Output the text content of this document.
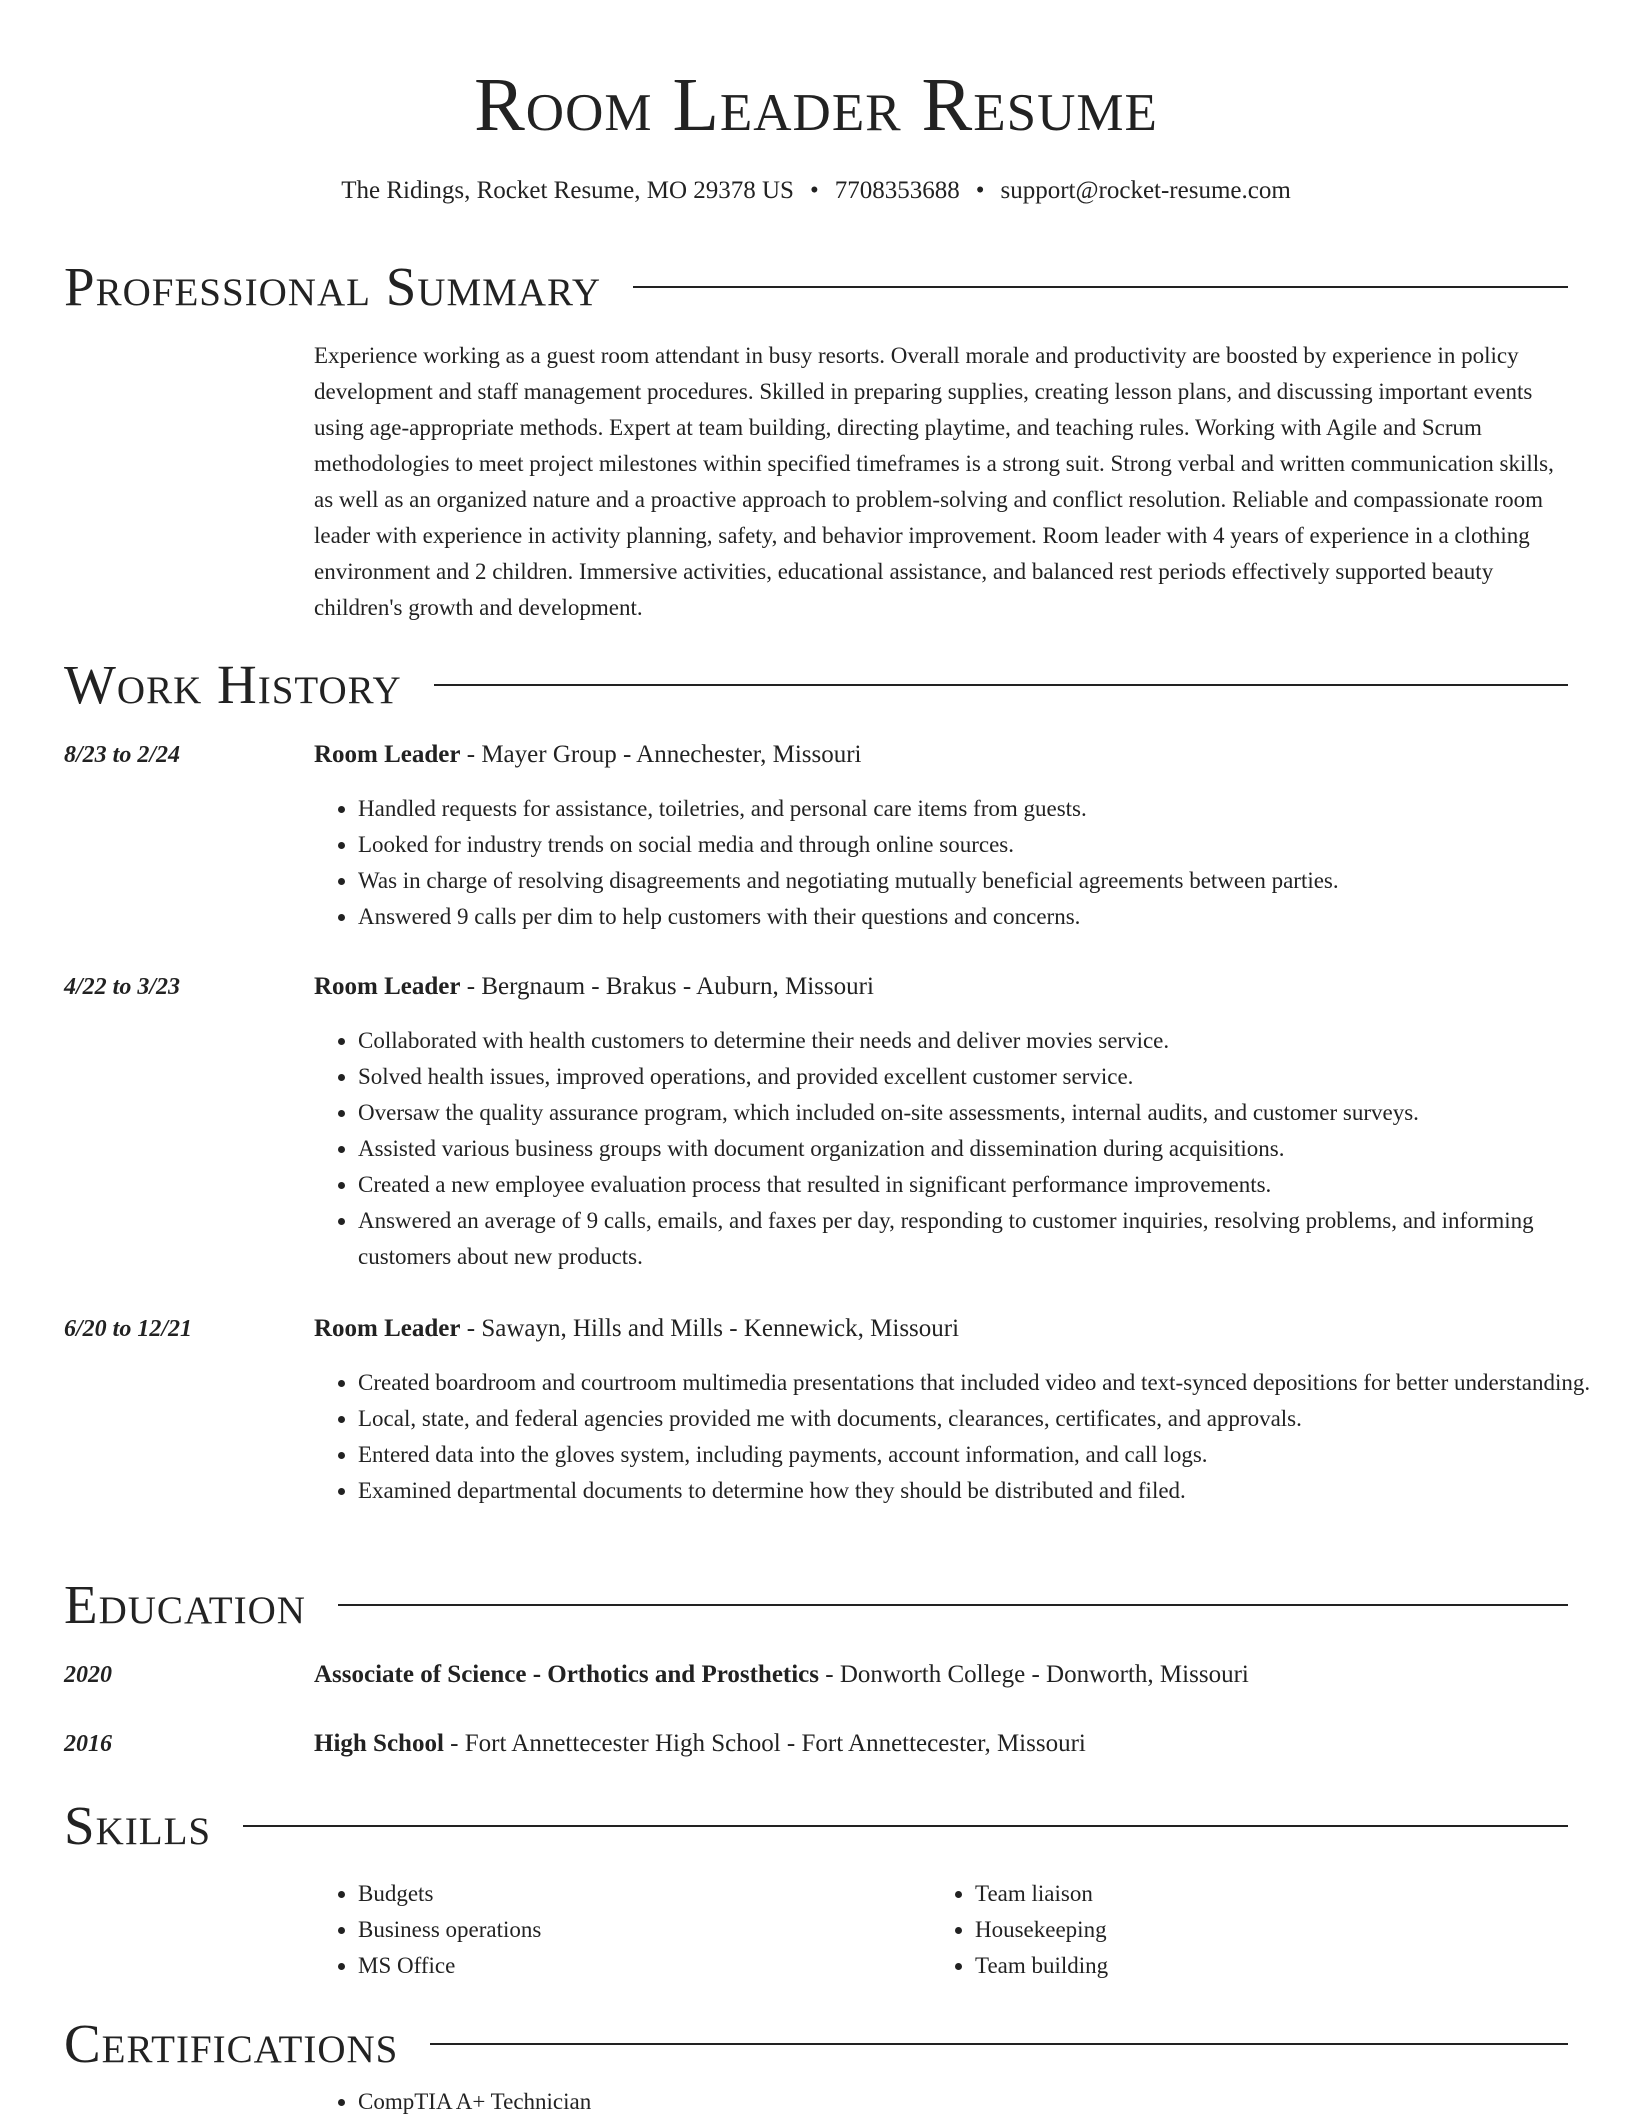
Room Leader Resume
The Ridings, Rocket Resume, MO 29378 US • 7708353688 • support@rocket-resume.com
Professional Summary

Experience working as a guest room attendant in busy resorts. Overall morale and productivity are boosted by experience in policy development and staff management procedures. Skilled in preparing supplies, creating lesson plans, and discussing important events using age-appropriate methods. Expert at team building, directing playtime, and teaching rules. Working with Agile and Scrum methodologies to meet project milestones within specified timeframes is a strong suit. Strong verbal and written communication skills, as well as an organized nature and a proactive approach to problem-solving and conflict resolution. Reliable and compassionate room leader with experience in activity planning, safety, and behavior improvement. Room leader with 4 years of experience in a clothing environment and 2 children. Immersive activities, educational assistance, and balanced rest periods effectively supported beauty children's growth and development.

Work History
8/23 to 2/24	Room Leader - Mayer Group - Annechester, Missouri
• Handled requests for assistance, toiletries, and personal care items from guests.
• Looked for industry trends on social media and through online sources.
• Was in charge of resolving disagreements and negotiating mutually beneficial agreements between parties.
• Answered 9 calls per dim to help customers with their questions and concerns.
4/22 to 3/23	Room Leader - Bergnaum - Brakus - Auburn, Missouri
• Collaborated with health customers to determine their needs and deliver movies service.
• Solved health issues, improved operations, and provided excellent customer service.
• Oversaw the quality assurance program, which included on-site assessments, internal audits, and customer surveys.
• Assisted various business groups with document organization and dissemination during acquisitions.
• Created a new employee evaluation process that resulted in significant performance improvements.
• Answered an average of 9 calls, emails, and faxes per day, responding to customer inquiries, resolving problems, and informing customers about new products.
6/20 to 12/21	Room Leader - Sawayn, Hills and Mills - Kennewick, Missouri
• Created boardroom and courtroom multimedia presentations that included video and text-synced depositions for better understanding.
• Local, state, and federal agencies provided me with documents, clearances, certificates, and approvals.
• Entered data into the gloves system, including payments, account information, and call logs.
• Examined departmental documents to determine how they should be distributed and filed.
Education
2020	Associate of Science - Orthotics and Prosthetics - Donworth College - Donworth, Missouri
2016	High School - Fort Annettecester High School - Fort Annettecester, Missouri
Skills
• Budgets
• Business operations
• MS Office
• Team liaison
• Housekeeping
• Team building
Certifications
• CompTIA A+ Technician
